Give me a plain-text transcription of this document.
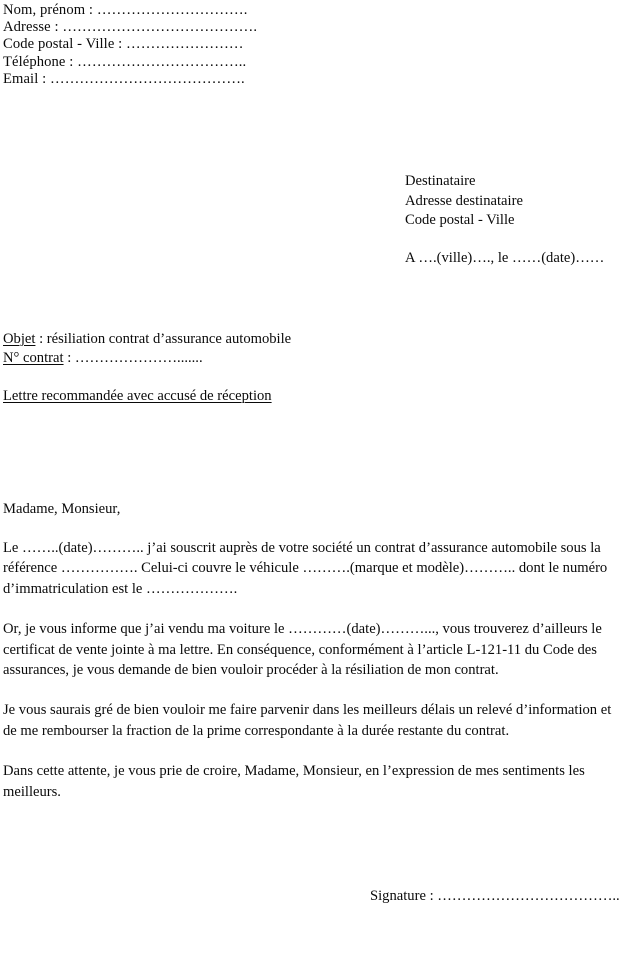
Nom, prénom : ………………………….
Adresse : ………………………………….
Code postal - Ville : ……………………
Téléphone : ……………………………..
Email : ………………………………….
Destinataire
Adresse destinataire
Code postal - Ville
A ….(ville)…., le ……(date)……
Objet : résiliation contrat d’assurance automobile
N° contrat : ………………….......
Lettre recommandée avec accusé de réception
Madame, Monsieur,

Le ……..(date)……….. j’ai souscrit auprès de votre société un contrat d’assurance automobile sous la référence ……………. Celui-ci couvre le véhicule ……….(marque et modèle)……….. dont le numéro d’immatriculation est le ……………….

Or, je vous informe que j’ai vendu ma voiture le …………(date)………..., vous trouverez d’ailleurs le certificat de vente jointe à ma lettre. En conséquence, conformément à l’article L-121-11 du Code des assurances, je vous demande de bien vouloir procéder à la résiliation de mon contrat.

Je vous saurais gré de bien vouloir me faire parvenir dans les meilleurs délais un relevé d’information et de me rembourser la fraction de la prime correspondante à la durée restante du contrat.

Dans cette attente, je vous prie de croire, Madame, Monsieur, en l’expression de mes sentiments les meilleurs.

Signature : ………………………………..
